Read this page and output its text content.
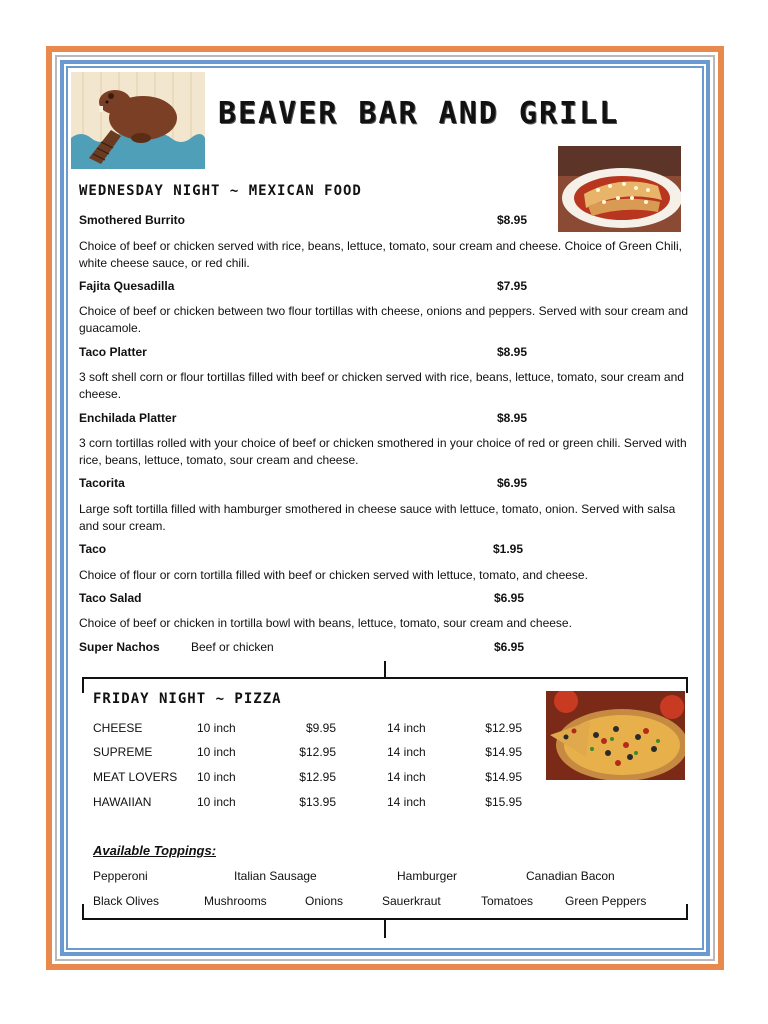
BEAVER BAR AND GRILL
WEDNESDAY NIGHT ~ MEXICAN FOOD
Smothered Burrito	$8.95
Choice of beef or chicken served with rice, beans, lettuce, tomato, sour cream and cheese. Choice of Green Chili, white cheese sauce, or red chili.
Fajita Quesadilla	$7.95
Choice of beef or chicken between two flour tortillas with cheese, onions and peppers. Served with sour cream and guacamole.
Taco Platter	$8.95
3 soft shell corn or flour tortillas filled with beef or chicken served with rice, beans, lettuce, tomato, sour cream and cheese.
Enchilada Platter	$8.95
3 corn tortillas rolled with your choice of beef or chicken smothered in your choice of red or green chili. Served with rice, beans, lettuce, tomato, sour cream and cheese.
Tacorita	$6.95
Large soft tortilla filled with hamburger smothered in cheese sauce with lettuce, tomato, onion. Served with salsa and sour cream.
Taco	$1.95
Choice of flour or corn tortilla filled with beef or chicken served with lettuce, tomato, and cheese.
Taco Salad	$6.95
Choice of beef or chicken in tortilla bowl with beans, lettuce, tomato, sour cream and cheese.
Super Nachos	Beef or chicken	$6.95
FRIDAY NIGHT ~ PIZZA
CHEESE	10 inch	$9.95	14 inch	$12.95
SUPREME	10 inch	$12.95	14 inch	$14.95
MEAT LOVERS 10 inch	$12.95	14 inch	$14.95
HAWAIIAN	10 inch	$13.95	14 inch	$15.95
Available Toppings:
Pepperoni	Italian Sausage	Hamburger	Canadian Bacon
Black Olives	Mushrooms	Onions	Sauerkraut	Tomatoes	Green Peppers
